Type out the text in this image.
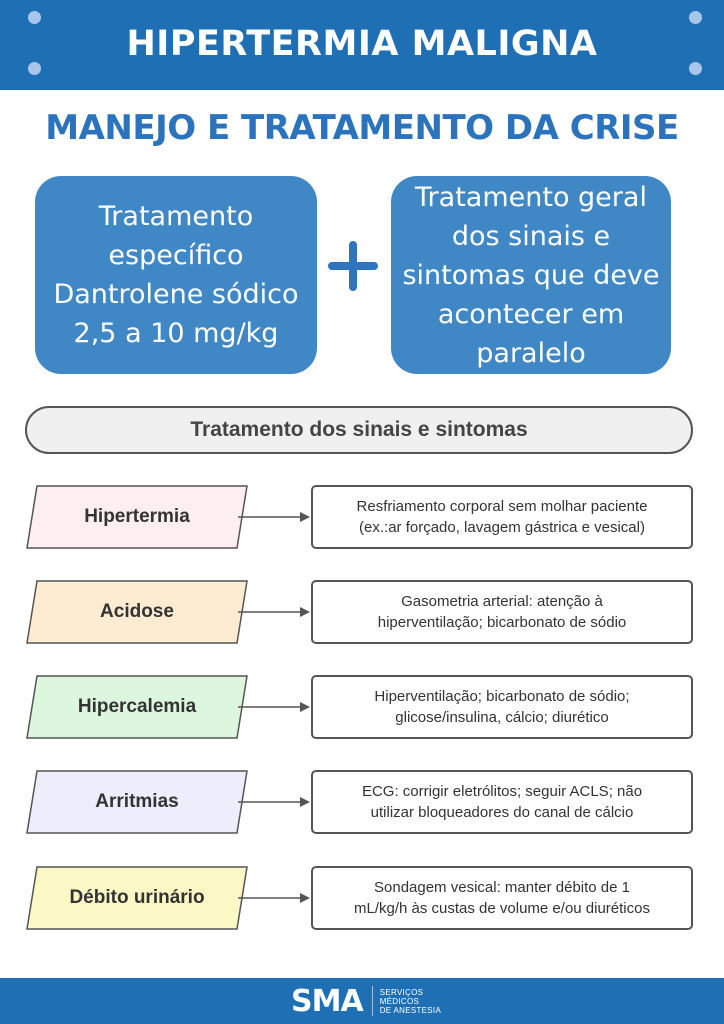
HIPERTERMIA MALIGNA
MANEJO E TRATAMENTO DA CRISE
Tratamento
específico
Dantrolene sódico
2,5 a 10 mg/kg
Tratamento geral
dos sinais e
sintomas que deve
acontecer em
paralelo
Tratamento dos sinais e sintomas
Hipertermia	Resfriamento corporal sem molhar paciente
(ex.:ar forçado, lavagem gástrica e vesical)
Acidose	Gasometria arterial: atenção à
hiperventilação; bicarbonato de sódio
Hipercalemia	Hiperventilação; bicarbonato de sódio;
glicose/insulina, cálcio; diurético
Arritmias	ECG: corrigir eletrólitos; seguir ACLS; não
utilizar bloqueadores do canal de cálcio
Débito urinário	Sondagem vesical: manter débito de 1
mL/kg/h às custas de volume e/ou diuréticos
SMA SERVIÇOS
MÉDICOS
DE ANESTESIA
